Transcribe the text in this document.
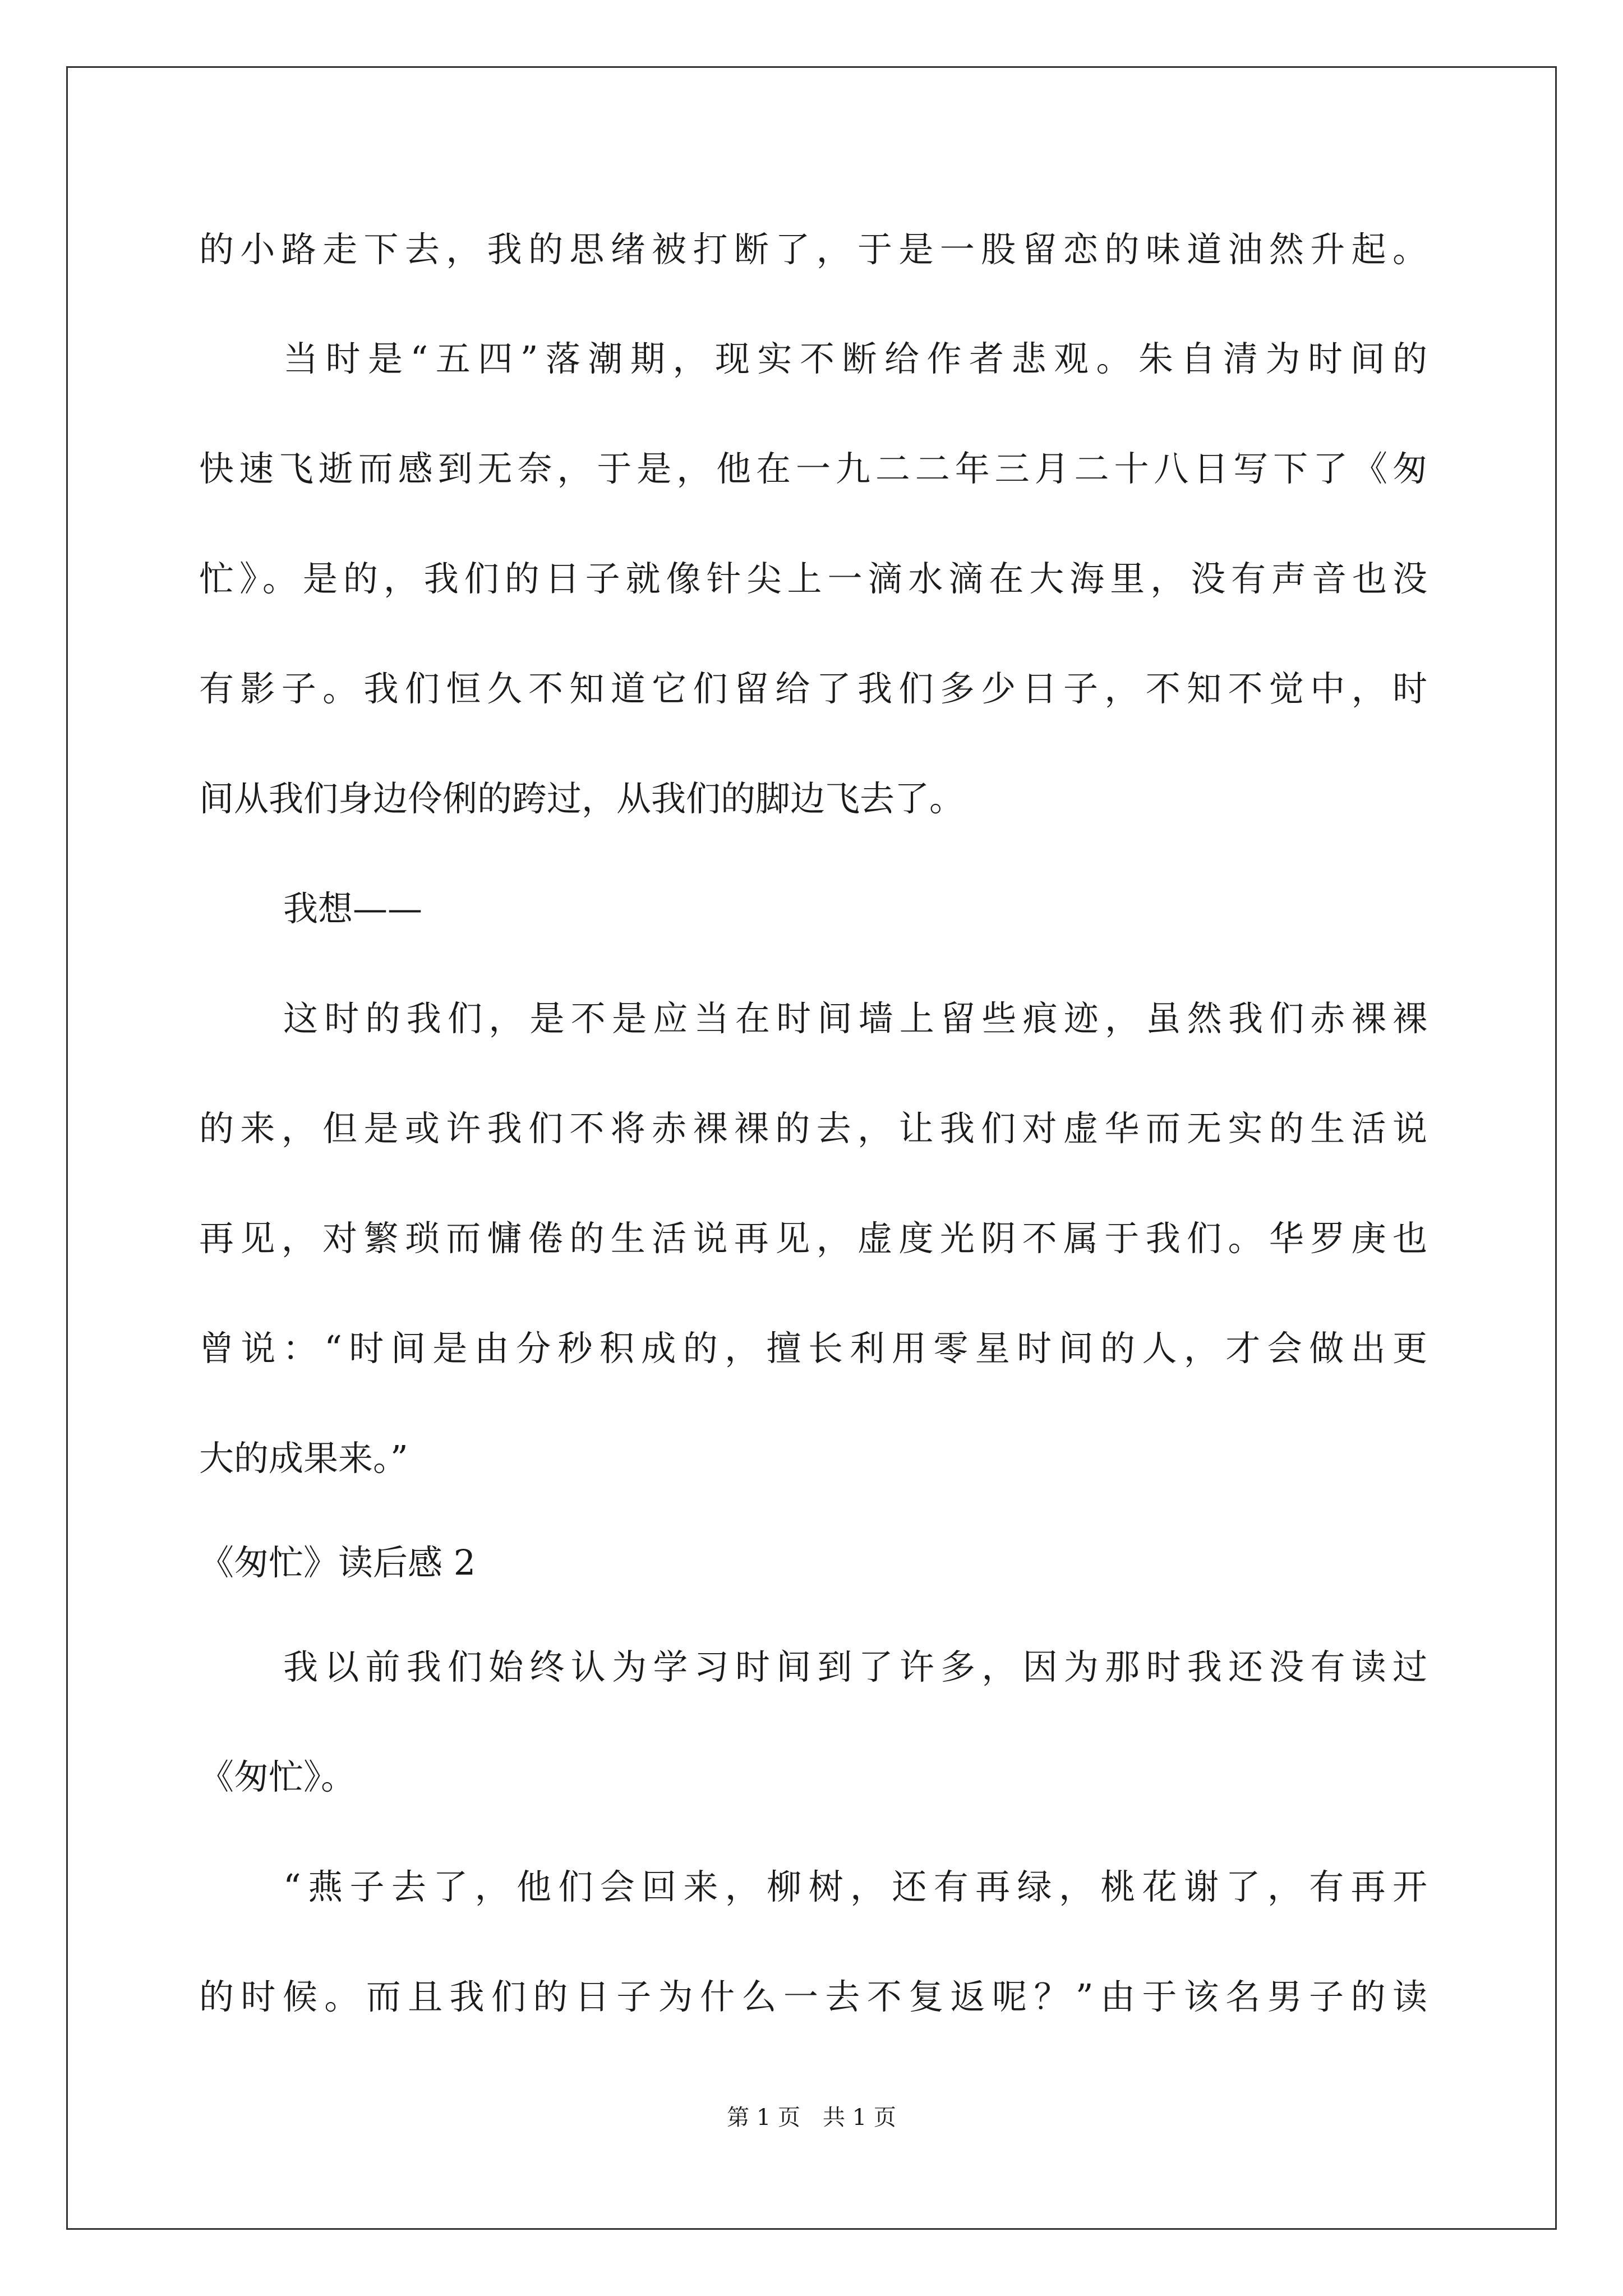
的小路走下去，我的思绪被打断了，于是一股留恋的味道油然升起。
当时是“五四”落潮期，现实不断给作者悲观。朱自清为时间的
快速飞逝而感到无奈，于是，他在一九二二年三月二十八日写下了《匆
忙》。是的，我们的日子就像针尖上一滴水滴在大海里，没有声音也没
有影子。我们恒久不知道它们留给了我们多少日子，不知不觉中，时
间从我们身边伶俐的跨过，从我们的脚边飞去了。
我想——
这时的我们，是不是应当在时间墙上留些痕迹，虽然我们赤裸裸
的来，但是或许我们不将赤裸裸的去，让我们对虚华而无实的生活说
再见，对繁琐而慵倦的生活说再见，虚度光阴不属于我们。华罗庚也
曾说：“时间是由分秒积成的，擅长利用零星时间的人，才会做出更
大的成果来。”
《匆忙》读后感 2
我以前我们始终认为学习时间到了许多，因为那时我还没有读过
《匆忙》。
“燕子去了，他们会回来，柳树，还有再绿，桃花谢了，有再开
的时候。而且我们的日子为什么一去不复返呢？”由于该名男子的读
第 1 页　共 1 页
